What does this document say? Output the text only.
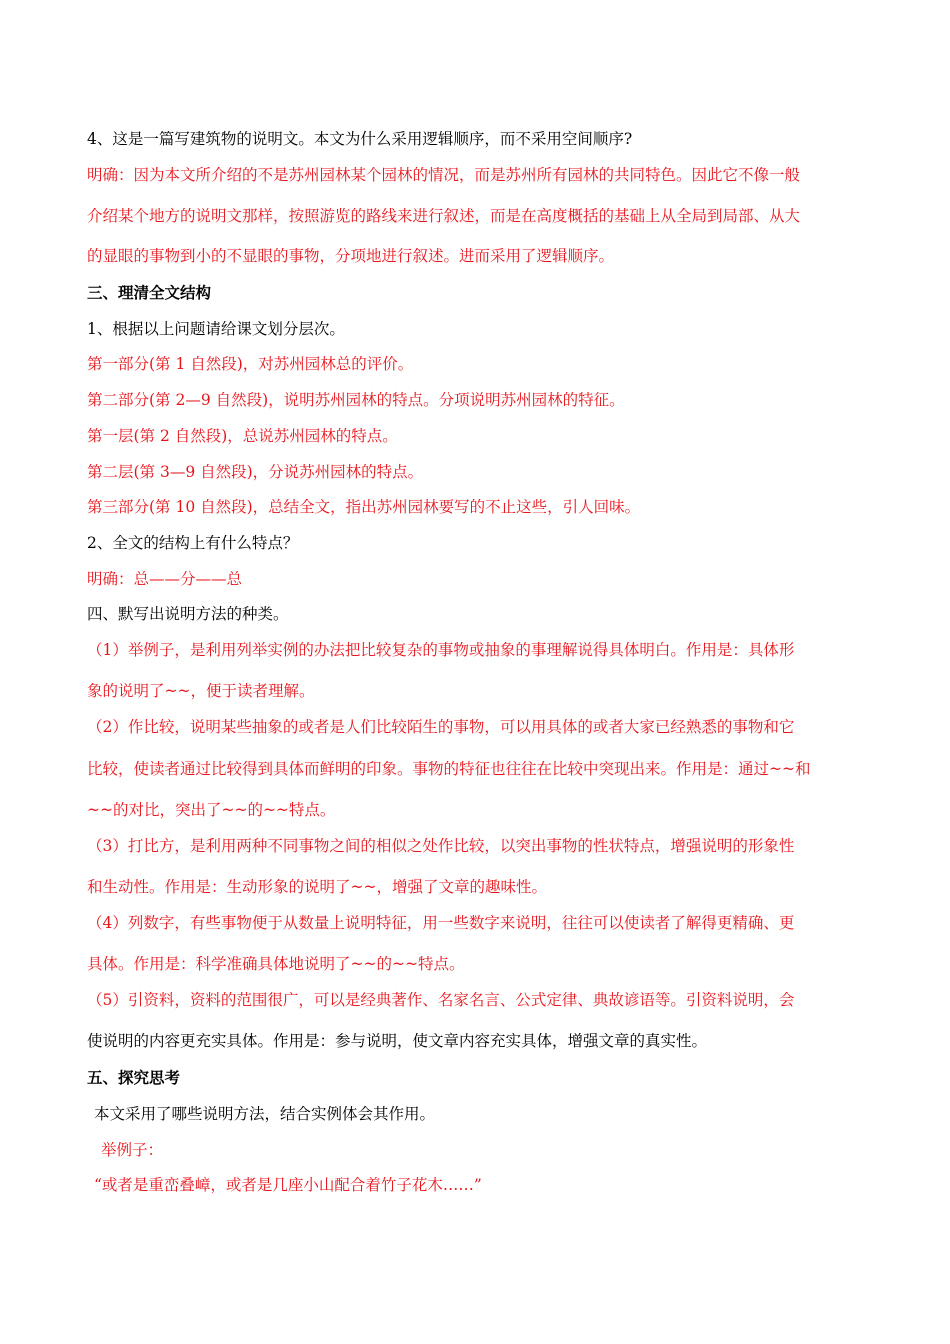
4、这是一篇写建筑物的说明文。本文为什么采用逻辑顺序，而不采用空间顺序?
明确：因为本文所介绍的不是苏州园林某个园林的情况，而是苏州所有园林的共同特色。因此它不像一般
介绍某个地方的说明文那样，按照游览的路线来进行叙述，而是在高度概括的基础上从全局到局部、从大
的显眼的事物到小的不显眼的事物，分项地进行叙述。进而采用了逻辑顺序。
三、理清全文结构
1、根据以上问题请给课文划分层次。
第一部分(第 1 自然段)，对苏州园林总的评价。
第二部分(第 2—9 自然段)，说明苏州园林的特点。分项说明苏州园林的特征。
第一层(第 2 自然段)，总说苏州园林的特点。
第二层(第 3—9 自然段)，分说苏州园林的特点。
第三部分(第 10 自然段)，总结全文，指出苏州园林要写的不止这些，引人回味。
2、全文的结构上有什么特点？
明确：总——分——总
四、默写出说明方法的种类。
（1）举例子，是利用列举实例的办法把比较复杂的事物或抽象的事理解说得具体明白。作用是：具体形
象的说明了~~，便于读者理解。
（2）作比较，说明某些抽象的或者是人们比较陌生的事物，可以用具体的或者大家已经熟悉的事物和它
比较，使读者通过比较得到具体而鲜明的印象。事物的特征也往往在比较中突现出来。作用是：通过~~和
~~的对比，突出了~~的~~特点。
（3）打比方，是利用两种不同事物之间的相似之处作比较，以突出事物的性状特点，增强说明的形象性
和生动性。作用是：生动形象的说明了~~，增强了文章的趣味性。
（4）列数字，有些事物便于从数量上说明特征，用一些数字来说明，往往可以使读者了解得更精确、更
具体。作用是：科学准确具体地说明了~~的~~特点。
（5）引资料，资料的范围很广，可以是经典著作、名家名言、公式定律、典故谚语等。引资料说明，会
使说明的内容更充实具体。作用是：参与说明，使文章内容充实具体，增强文章的真实性。
五、探究思考
本文采用了哪些说明方法，结合实例体会其作用。
举例子：
“或者是重峦叠嶂，或者是几座小山配合着竹子花木……”
